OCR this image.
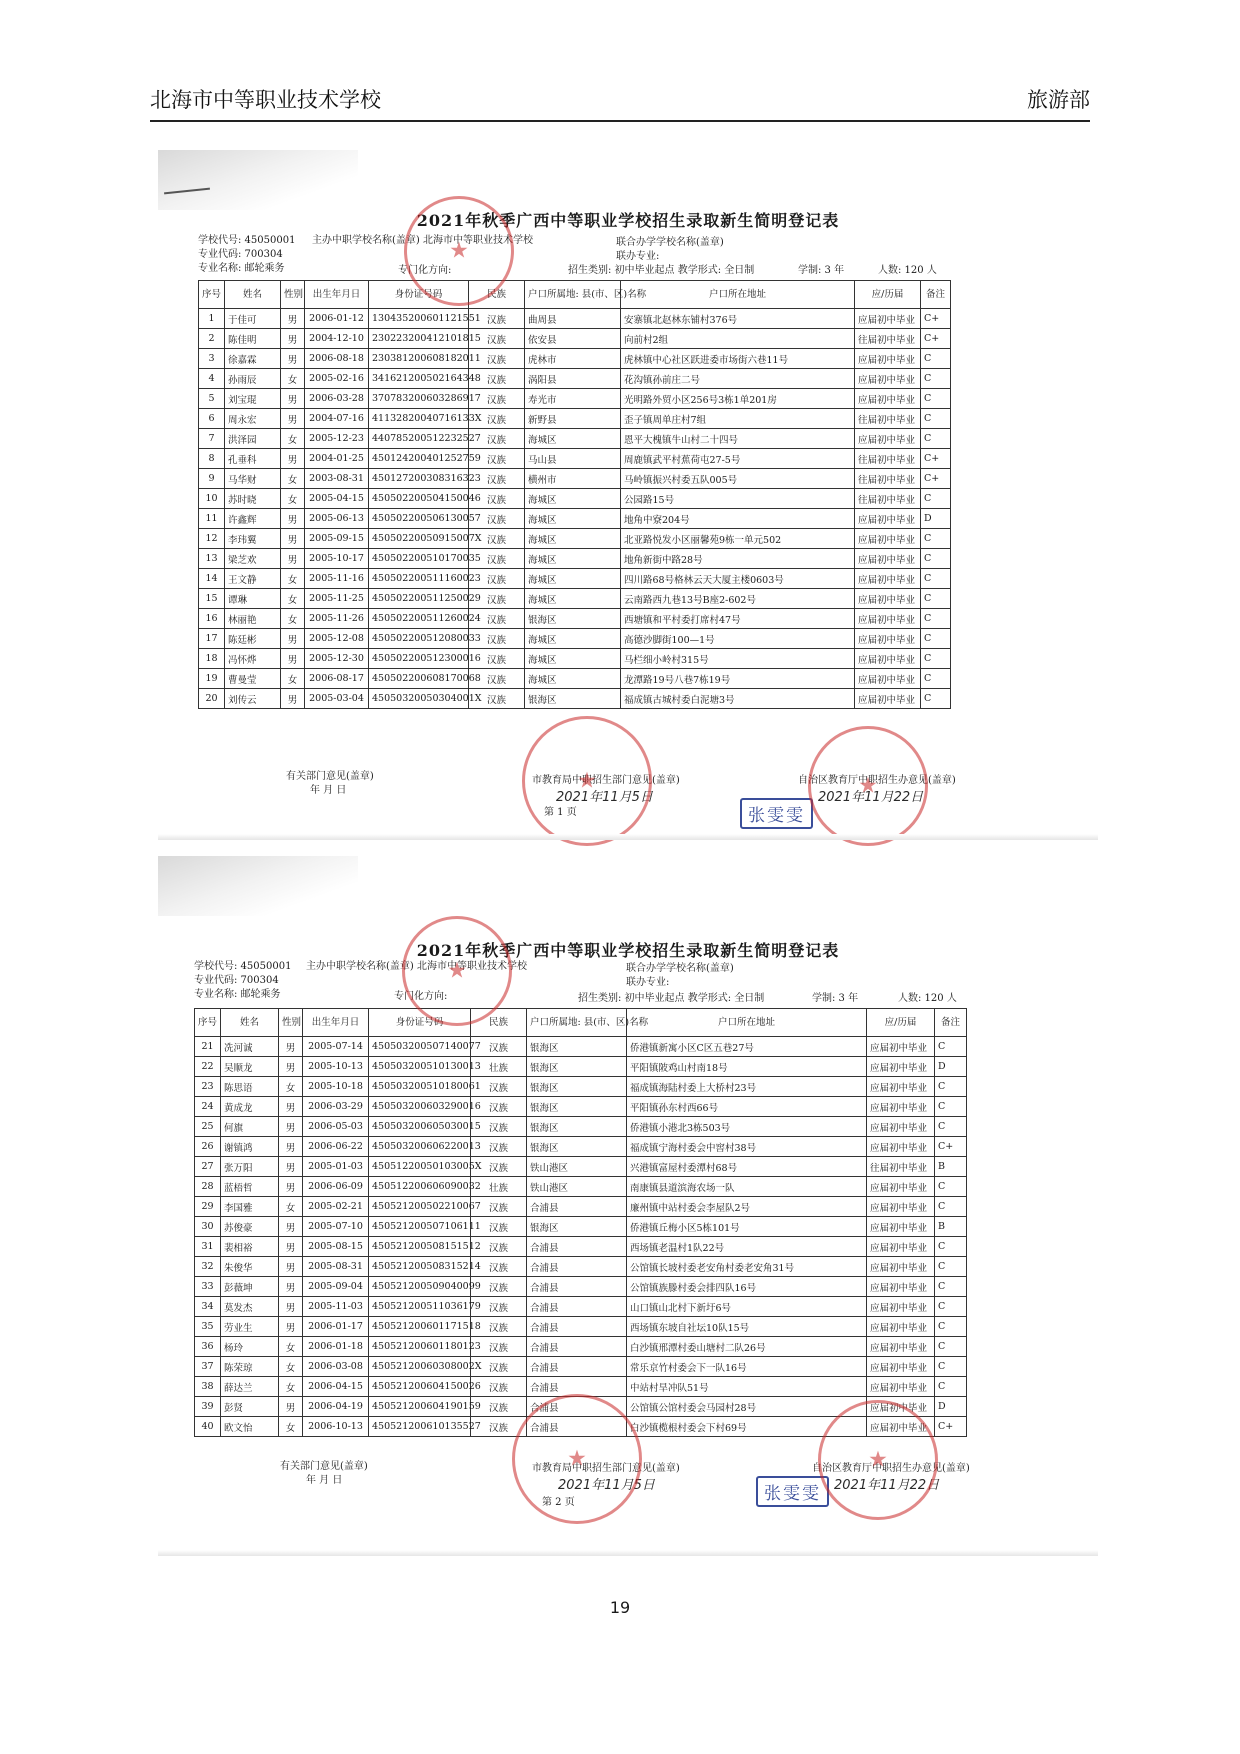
北海市中等职业技术学校	旅游部
2021年秋季广西中等职业学校招生录取新生简明登记表
学校代号: 45050001
专业代码: 700304
专业名称: 邮轮乘务
主办中职学校名称(盖章) 北海市中等职业技术学校
专门化方向:
联合办学学校名称(盖章)
联办专业:
招生类别: 初中毕业起点 教学形式: 全日制	学制: 3 年	人数: 120 人
序号	姓名	性别	出生年月日	身份证号码	民族	户口所属地: 县(市、区)名称	户口所在地址	应/历届	备注
1	于佳可	男	2006-01-12	130435200601121551	汉族	曲周县	安寨镇北赵林东铺村376号	应届初中毕业	C+
2	陈佳明	男	2004-12-10	230223200412101815	汉族	依安县	向前村2组	往届初中毕业	C+
3	徐嘉霖	男	2006-08-18	230381200608182011	汉族	虎林市	虎林镇中心社区跃进委市场街六巷11号	应届初中毕业	C
4	孙雨辰	女	2005-02-16	341621200502164348	汉族	涡阳县	花沟镇孙前庄二号	应届初中毕业	C
5	刘宝琨	男	2006-03-28	370783200603286917	汉族	寿光市	光明路外贸小区256号3栋1单201房	应届初中毕业	C
6	周永宏	男	2004-07-16	41132820040716133X	汉族	新野县	歪子镇周单庄村7组	往届初中毕业	C
7	洪泽园	女	2005-12-23	440785200512232527	汉族	海城区	恩平大槐镇牛山村二十四号	应届初中毕业	C
8	孔垂科	男	2004-01-25	450124200401252759	汉族	马山县	周鹿镇武平村蕉荷屯27-5号	往届初中毕业	C+
9	马华财	女	2003-08-31	450127200308316323	汉族	横州市	马岭镇振兴村委五队005号	往届初中毕业	C+
10	苏时晓	女	2005-04-15	450502200504150046	汉族	海城区	公园路15号	往届初中毕业	C
11	许鑫辉	男	2005-06-13	450502200506130057	汉族	海城区	地角中寮204号	应届初中毕业	D
12	李玮翼	男	2005-09-15	45050220050915007X	汉族	海城区	北亚路悦发小区丽馨苑9栋一单元502	应届初中毕业	C
13	梁芝欢	男	2005-10-17	450502200510170035	汉族	海城区	地角新街中路28号	应届初中毕业	C
14	王文静	女	2005-11-16	450502200511160023	汉族	海城区	四川路68号格林云天大厦主楼0603号	应届初中毕业	C
15	谭琳	女	2005-11-25	450502200511250029	汉族	海城区	云南路西九巷13号B座2-602号	应届初中毕业	C
16	林丽艳	女	2005-11-26	450502200511260024	汉族	银海区	西塘镇和平村委打席村47号	应届初中毕业	C
17	陈廷彬	男	2005-12-08	450502200512080033	汉族	海城区	高德沙脚街100—1号	应届初中毕业	C
18	冯怀烨	男	2005-12-30	450502200512300016	汉族	海城区	马栏细小岭村315号	应届初中毕业	C
19	曹曼莹	女	2006-08-17	450502200608170068	汉族	海城区	龙潭路19号八巷7栋19号	应届初中毕业	C
20	刘传云	男	2005-03-04	45050320050304001X	汉族	银海区	福成镇古城村委白泥塘3号	应届初中毕业	C
有关部门意见(盖章)
年 月 日
市教育局中职招生部门意见(盖章)
2021年11月5日
第 1 页
自治区教育厅中职招生办意见(盖章)
2021年11月22日
张雯雯
★
★
★
2021年秋季广西中等职业学校招生录取新生简明登记表
学校代号: 45050001
专业代码: 700304
专业名称: 邮轮乘务
主办中职学校名称(盖章) 北海市中等职业技术学校
专门化方向:
联合办学学校名称(盖章)
联办专业:
招生类别: 初中毕业起点 教学形式: 全日制	学制: 3 年	人数: 120 人
序号	姓名	性别	出生年月日	身份证号码	民族	户口所属地: 县(市、区)名称	户口所在地址	应/历届	备注
21	冼河诚	男	2005-07-14	450503200507140077	汉族	银海区	侨港镇新寓小区C区五巷27号	应届初中毕业	C
22	吴顺龙	男	2005-10-13	450503200510130013	壮族	银海区	平阳镇陂鸡山村南18号	应届初中毕业	D
23	陈思语	女	2005-10-18	450503200510180061	汉族	银海区	福成镇海陆村委上大桥村23号	应届初中毕业	C
24	黄成龙	男	2006-03-29	450503200603290016	汉族	银海区	平阳镇孙东村西66号	应届初中毕业	C
25	何旗	男	2006-05-03	450503200605030015	汉族	银海区	侨港镇小港北3栋503号	应届初中毕业	C
26	谢镇鸿	男	2006-06-22	450503200606220013	汉族	银海区	福成镇宁海村委会中窖村38号	应届初中毕业	C+
27	张万阳	男	2005-01-03	45051220050103005X	汉族	铁山港区	兴港镇富屋村委潭村68号	往届初中毕业	B
28	蓝梧哲	男	2006-06-09	450512200606090032	壮族	铁山港区	南康镇县道滨海农场一队	应届初中毕业	C
29	李国雅	女	2005-02-21	450521200502210067	汉族	合浦县	廉州镇中站村委会李屋队2号	应届初中毕业	C
30	苏俊豪	男	2005-07-10	450521200507106111	汉族	银海区	侨港镇丘梅小区5栋101号	应届初中毕业	B
31	裴相裕	男	2005-08-15	450521200508151512	汉族	合浦县	西场镇老温村1队22号	应届初中毕业	C
32	朱俊华	男	2005-08-31	450521200508315214	汉族	合浦县	公馆镇长坡村委老安角村委老安角31号	应届初中毕业	C
33	彭薇坤	男	2005-09-04	450521200509040099	汉族	合浦县	公馆镇族滕村委会排四队16号	应届初中毕业	C
34	莫发杰	男	2005-11-03	450521200511036179	汉族	合浦县	山口镇山北村下新圩6号	应届初中毕业	C
35	劳业生	男	2006-01-17	450521200601171518	汉族	合浦县	西场镇东坡自社坛10队15号	应届初中毕业	C
36	杨玲	女	2006-01-18	450521200601180123	汉族	合浦县	白沙镇邢潭村委山塘村二队26号	应届初中毕业	C
37	陈荣琼	女	2006-03-08	45052120060308002X	汉族	合浦县	常乐京竹村委会下一队16号	应届初中毕业	C
38	薛达兰	女	2006-04-15	450521200604150026	汉族	合浦县	中站村旱冲队51号	应届初中毕业	C
39	彭贤	男	2006-04-19	450521200604190159	汉族	合浦县	公馆镇公馆村委会马园村28号	应届初中毕业	D
40	欧文怡	女	2006-10-13	450521200610135527	汉族	合浦县	白沙镇榄根村委会下村69号	应届初中毕业	C+
有关部门意见(盖章)
年 月 日
市教育局中职招生部门意见(盖章)
2021年11月5日
第 2 页
自治区教育厅中职招生办意见(盖章)
2021年11月22日
张雯雯
★
★
★
19
